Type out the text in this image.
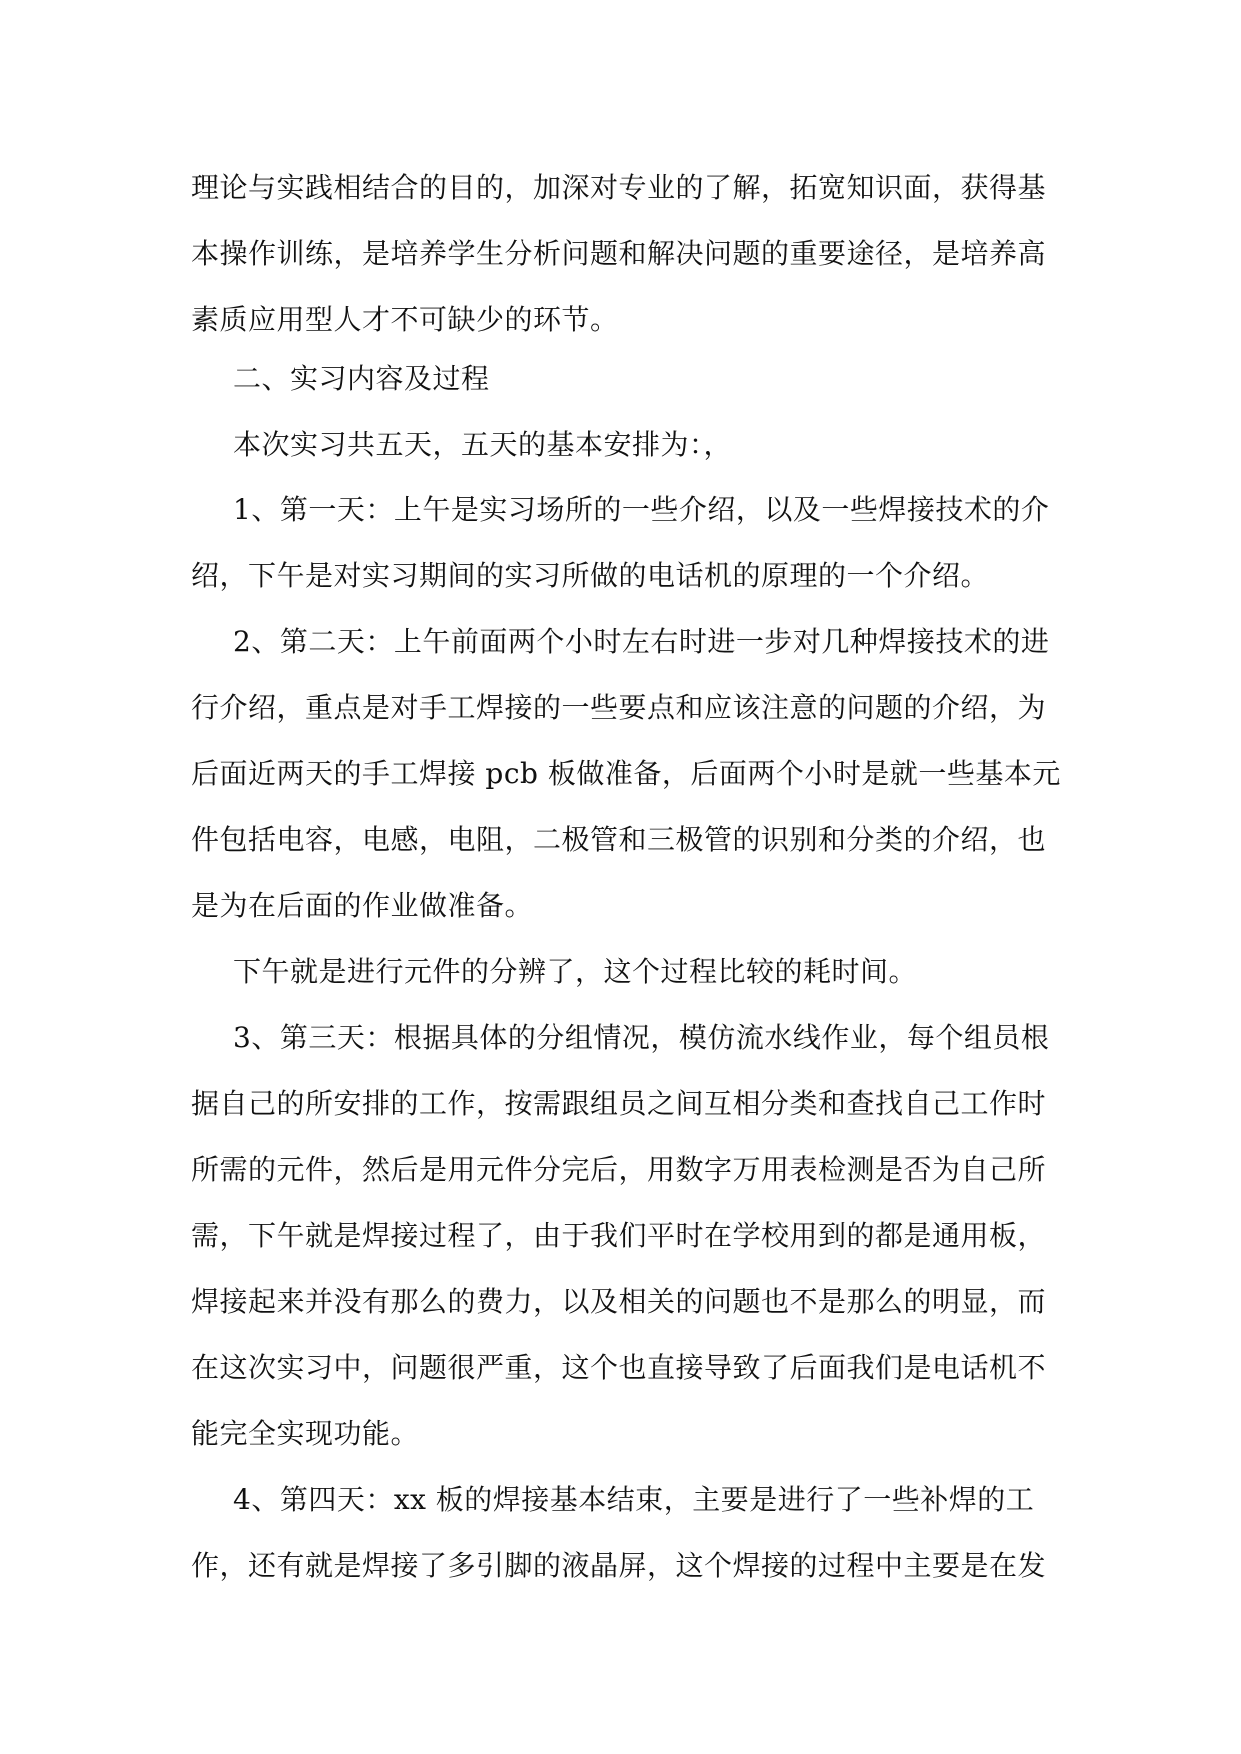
理论与实践相结合的目的，加深对专业的了解，拓宽知识面，获得基
本操作训练，是培养学生分析问题和解决问题的重要途径，是培养高
素质应用型人才不可缺少的环节。
二、实习内容及过程
本次实习共五天，五天的基本安排为：，
1、第一天：上午是实习场所的一些介绍，以及一些焊接技术的介
绍，下午是对实习期间的实习所做的电话机的原理的一个介绍。
2、第二天：上午前面两个小时左右时进一步对几种焊接技术的进
行介绍，重点是对手工焊接的一些要点和应该注意的问题的介绍，为
后面近两天的手工焊接 pcb 板做准备，后面两个小时是就一些基本元
件包括电容，电感，电阻，二极管和三极管的识别和分类的介绍，也
是为在后面的作业做准备。
下午就是进行元件的分辨了，这个过程比较的耗时间。
3、第三天：根据具体的分组情况，模仿流水线作业，每个组员根
据自己的所安排的工作，按需跟组员之间互相分类和查找自己工作时
所需的元件，然后是用元件分完后，用数字万用表检测是否为自己所
需，下午就是焊接过程了，由于我们平时在学校用到的都是通用板，
焊接起来并没有那么的费力，以及相关的问题也不是那么的明显，而
在这次实习中，问题很严重，这个也直接导致了后面我们是电话机不
能完全实现功能。
4、第四天：xx 板的焊接基本结束，主要是进行了一些补焊的工
作，还有就是焊接了多引脚的液晶屏，这个焊接的过程中主要是在发
